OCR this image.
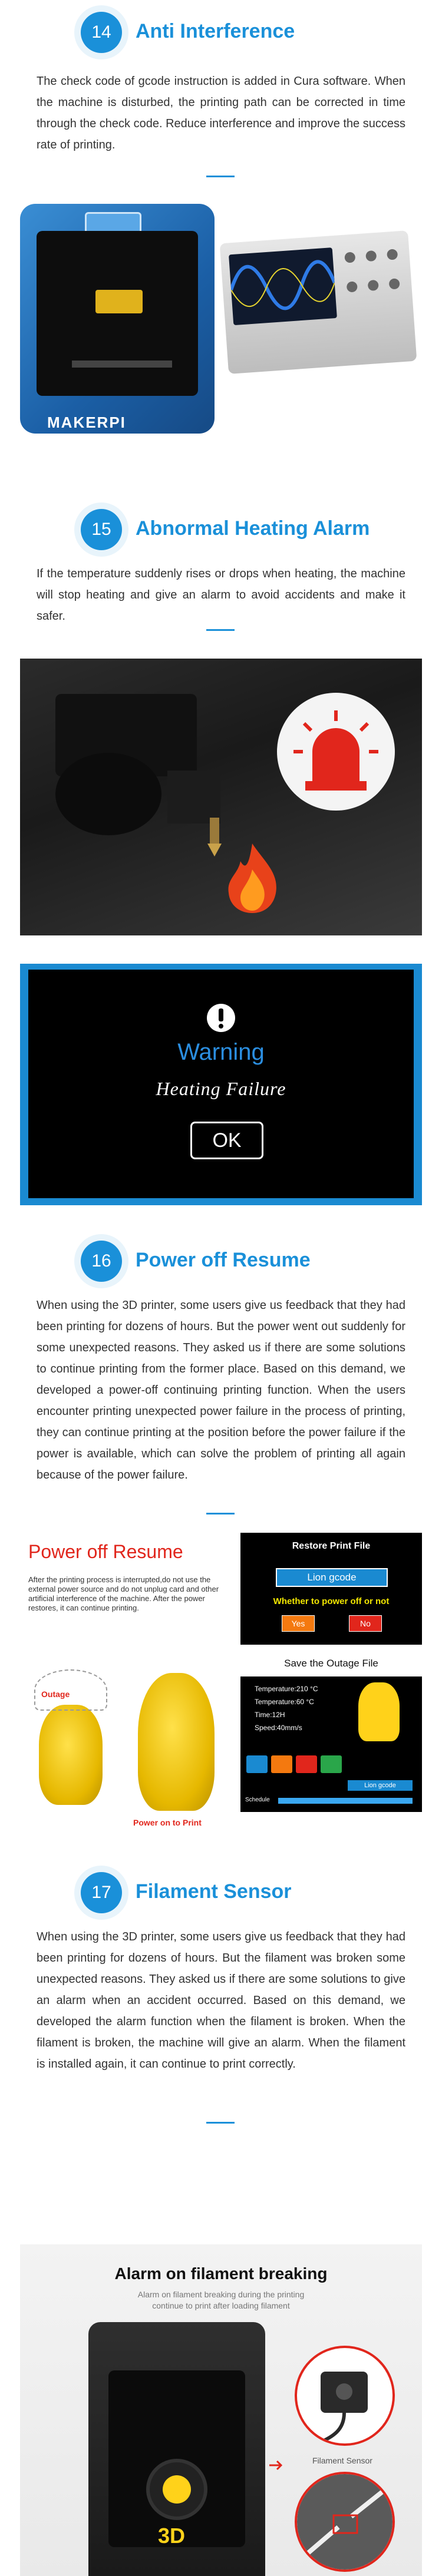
14	Anti Interference

The check code of gcode instruction is added in Cura software. When the machine is disturbed, the printing path can be corrected in time through the check code. Reduce interference and improve the success rate of printing.

MAKERPI
15	Abnormal Heating Alarm

If the temperature suddenly rises or drops when heating, the machine will stop heating and give an alarm to avoid accidents and make it safer.

Warning
Heating Failure
OK
16	Power off Resume

When using the 3D printer, some users give us feedback that they had been printing for dozens of hours. But the power went out suddenly for some unexpected reasons. They asked us if there are some solutions to continue printing from the former place. Based on this demand, we developed a power-off continuing printing function. When the users encounter printing unexpected power failure in the process of printing, they can continue printing at the position before the power failure if the power is available, which can solve the problem of printing all again because of the power failure.

Power off Resume

After the printing process is interrupted,do not use the external power source and do not unplug card and other artificial interference of the machine. After the power restores, it can continue printing.

Restore Print File
Lion gcode
Whether to power off or not
Yes	No
Outage
Power on to Print
Save the Outage File
Temperature:210 °C
Temperature:60 °C
Time:12H
Speed:40mm/s
Lion gcode
Schedule
17	Filament Sensor

When using the 3D printer, some users give us feedback that they had been printing for dozens of hours. But the filament was broken some unexpected reasons. They asked us if there are some solutions to give an alarm when an accident occurred. Based on this demand, we developed the alarm function when the filament is broken. When the filament is broken, the machine will give an alarm. When the filament is installed again, it can continue to print correctly.

Alarm on filament breaking
Alarm on filament breaking during the printing
continue to print after loading filament
3D
Filament Sensor
